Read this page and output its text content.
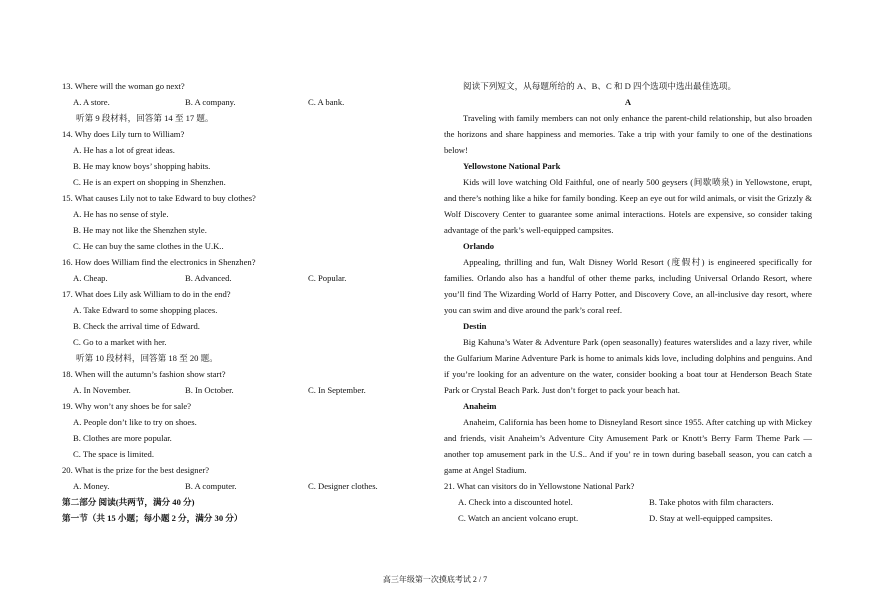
13. Where will the woman go next?
A. A store.	B. A company.	C. A bank.
听第 9 段材料，回答第 14 至 17 题。
14. Why does Lily turn to William?
A. He has a lot of great ideas.
B. He may know boys’ shopping habits.
C. He is an expert on shopping in Shenzhen.
15. What causes Lily not to take Edward to buy clothes?
A. He has no sense of style.
B. He may not like the Shenzhen style.
C. He can buy the same clothes in the U.K..
16. How does William find the electronics in Shenzhen?
A. Cheap.	B. Advanced.	C. Popular.
17. What does Lily ask William to do in the end?
A. Take Edward to some shopping places.
B. Check the arrival time of Edward.
C. Go to a market with her.
听第 10 段材料，回答第 18 至 20 题。
18. When will the autumn’s fashion show start?
A. In November.	B. In October.	C. In September.
19. Why won’t any shoes be for sale?
A. People don’t like to try on shoes.
B. Clothes are more popular.
C. The space is limited.
20. What is the prize for the best designer?
A. Money.	B. A computer.	C. Designer clothes.
第二部分 阅读(共两节，满分 40 分)
第一节（共 15 小题；每小题 2 分，满分 30 分）
阅读下列短文，从每题所给的 A、B、C 和 D 四个选项中选出最佳选项。
A
Traveling with family members can not only enhance the parent-child relationship, but also broaden the horizons and share happiness and memories. Take a trip with your family to one of the destinations below!
Yellowstone National Park
Kids will love watching Old Faithful, one of nearly 500 geysers (间歇喷泉) in Yellowstone, erupt, and there’s nothing like a hike for family bonding. Keep an eye out for wild animals, or visit the Grizzly & Wolf Discovery Center to guarantee some animal interactions. Hotels are expensive, so consider taking advantage of the park’s well-equipped campsites.
Orlando
Appealing, thrilling and fun, Walt Disney World Resort (度假村) is engineered specifically for families. Orlando also has a handful of other theme parks, including Universal Orlando Resort, where you’ll find The Wizarding World of Harry Potter, and Discovery Cove, an all-inclusive day resort, where you can swim and dive around the park’s coral reef.
Destin
Big Kahuna’s Water & Adventure Park (open seasonally) features waterslides and a lazy river, while the Gulfarium Marine Adventure Park is home to animals kids love, including dolphins and penguins. And if you’re looking for an adventure on the water, consider booking a boat tour at Henderson Beach State Park or Crystal Beach Park. Just don’t forget to pack your beach hat.
Anaheim
Anaheim, California has been home to Disneyland Resort since 1955. After catching up with Mickey and friends, visit Anaheim’s Adventure City Amusement Park or Knott’s Berry Farm Theme Park — another top amusement park in the U.S.. And if you’ re in town during baseball season, you can catch a game at Angel Stadium.
21. What can visitors do in Yellowstone National Park?
A. Check into a discounted hotel.	B. Take photos with film characters.
C. Watch an ancient volcano erupt.	D. Stay at well-equipped campsites.
高三年级第一次摸底考试 2 / 7
